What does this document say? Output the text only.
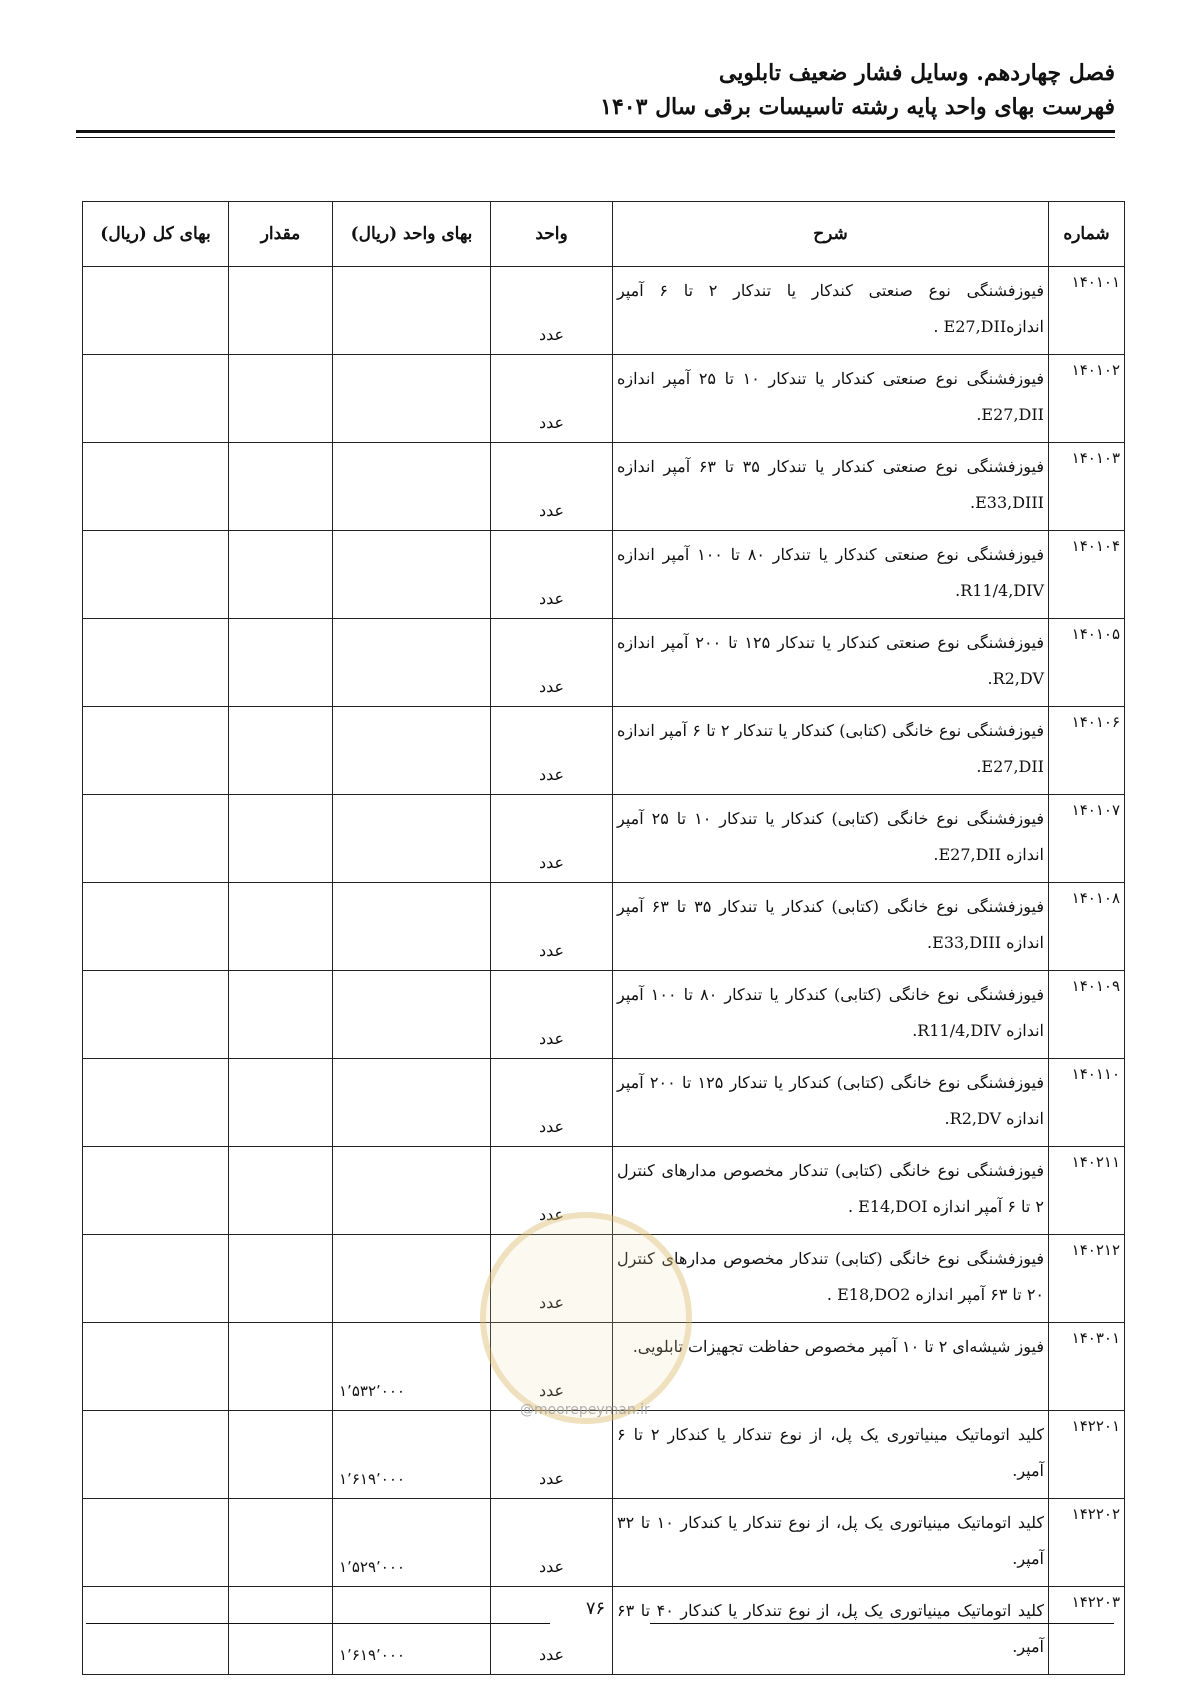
فصل چهاردهم. وسایل فشار ضعیف تابلویی
فهرست بهای واحد پایه رشته تاسیسات برقی سال ۱۴۰۳
شماره	شرح	واحد	بهای واحد (ریال)	مقدار	بهای کل (ریال)
۱۴۰۱۰۱	فیوزفشنگی نوع صنعتی کندکار یا تندکار ۲ تا ۶ آمپر اندازهE27,DII .	عدد			
۱۴۰۱۰۲	فیوزفشنگی نوع صنعتی کندکار یا تندکار ۱۰ تا ۲۵ آمپر اندازه E27,DII.	عدد			
۱۴۰۱۰۳	فیوزفشنگی نوع صنعتی کندکار یا تندکار ۳۵ تا ۶۳ آمپر اندازه E33,DIII.	عدد			
۱۴۰۱۰۴	فیوزفشنگی نوع صنعتی کندکار یا تندکار ۸۰ تا ۱۰۰ آمپر اندازه R11/4,DIV.	عدد			
۱۴۰۱۰۵	فیوزفشنگی نوع صنعتی کندکار یا تندکار ۱۲۵ تا ۲۰۰ آمپر اندازه R2,DV.	عدد			
۱۴۰۱۰۶	فیوزفشنگی نوع خانگی (کتابی) کندکار یا تندکار ۲ تا ۶ آمپر اندازه E27,DII.	عدد			
۱۴۰۱۰۷	فیوزفشنگی نوع خانگی (کتابی) کندکار یا تندکار ۱۰ تا ۲۵ آمپر اندازه E27,DII.	عدد			
۱۴۰۱۰۸	فیوزفشنگی نوع خانگی (کتابی) کندکار یا تندکار ۳۵ تا ۶۳ آمپر اندازه E33,DIII.	عدد			
۱۴۰۱۰۹	فیوزفشنگی نوع خانگی (کتابی) کندکار یا تندکار ۸۰ تا ۱۰۰ آمپر اندازه R11/4,DIV.	عدد			
۱۴۰۱۱۰	فیوزفشنگی نوع خانگی (کتابی) کندکار یا تندکار ۱۲۵ تا ۲۰۰ آمپر اندازه R2,DV.	عدد			
۱۴۰۲۱۱	فیوزفشنگی نوع خانگی (کتابی) تندکار مخصوص مدارهای کنترل ۲ تا ۶ آمپر اندازه E14,DOI .	عدد			
۱۴۰۲۱۲	فیوزفشنگی نوع خانگی (کتابی) تندکار مخصوص مدارهای کنترل ۲۰ تا ۶۳ آمپر اندازه E18,DO2 .	عدد			
۱۴۰۳۰۱	فیوز شیشه‌ای ۲ تا ۱۰ آمپر مخصوص حفاظت تجهیزات تابلویی.	عدد	۱٬۵۳۲٬۰۰۰		
۱۴۲۲۰۱	کلید اتوماتیک مینیاتوری یک پل، از نوع تندکار یا کندکار ۲ تا ۶ آمپر.	عدد	۱٬۶۱۹٬۰۰۰		
۱۴۲۲۰۲	کلید اتوماتیک مینیاتوری یک پل، از نوع تندکار یا کندکار ۱۰ تا ۳۲ آمپر.	عدد	۱٬۵۲۹٬۰۰۰		
۱۴۲۲۰۳	کلید اتوماتیک مینیاتوری یک پل، از نوع تندکار یا کندکار ۴۰ تا ۶۳ آمپر.	عدد	۱٬۶۱۹٬۰۰۰		
@moorepeyman.ir
۷۶
